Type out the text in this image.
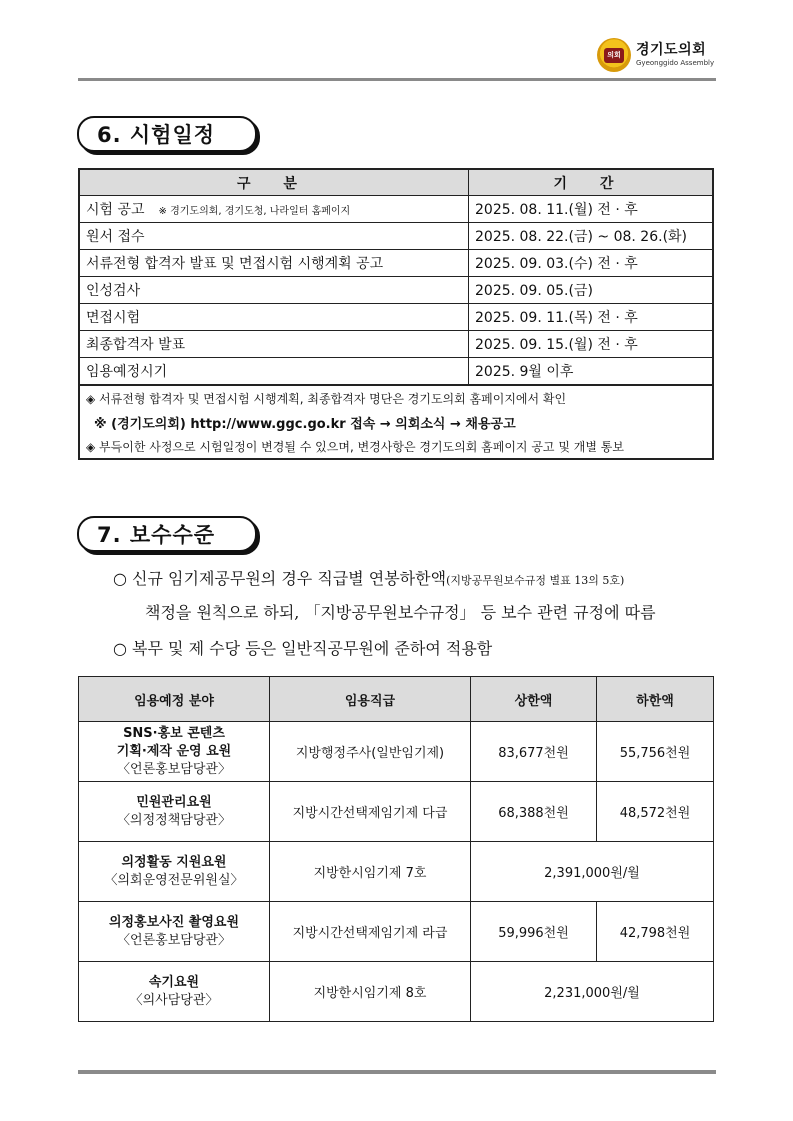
의회 경기도의회
Gyeonggido Assembly
6. 시험일정
구 분	기 간
시험 공고 ※ 경기도의회, 경기도청, 나라일터 홈페이지	2025. 08. 11.(월) 전 · 후
원서 접수	2025. 08. 22.(금) ~ 08. 26.(화)
서류전형 합격자 발표 및 면접시험 시행계획 공고	2025. 09. 03.(수) 전 · 후
인성검사	2025. 09. 05.(금)
면접시험	2025. 09. 11.(목) 전 · 후
최종합격자 발표	2025. 09. 15.(월) 전 · 후
임용예정시기	2025. 9월 이후
◈ 서류전형 합격자 및 면접시험 시행계획, 최종합격자 명단은 경기도의회 홈페이지에서 확인	
※ (경기도의회) http://www.ggc.go.kr 접속 → 의회소식 → 채용공고	
◈ 부득이한 사정으로 시험일정이 변경될 수 있으며, 변경사항은 경기도의회 홈페이지 공고 및 개별 통보	
7. 보수수준
○ 신규 임기제공무원의 경우 직급별 연봉하한액(지방공무원보수규정 별표 13의 5호)
책정을 원칙으로 하되, 「지방공무원보수규정」 등 보수 관련 규정에 따름
○ 복무 및 제 수당 등은 일반직공무원에 준하여 적용함
임용예정 분야	임용직급	상한액	하한액

SNS·홍보 콘텐츠
기획·제작 운영 요원
〈언론홍보담당관〉	지방행정주사(일반임기제)	83,677천원	55,756천원

민원관리요원
〈의정정책담당관〉	지방시간선택제임기제 다급	68,388천원	48,572천원

의정활동 지원요원
〈의회운영전문위원실〉	지방한시임기제 7호	2,391,000원/월	

의정홍보사진 촬영요원
〈언론홍보담당관〉	지방시간선택제임기제 라급	59,996천원	42,798천원

속기요원
〈의사담당관〉	지방한시임기제 8호	2,231,000원/월	
